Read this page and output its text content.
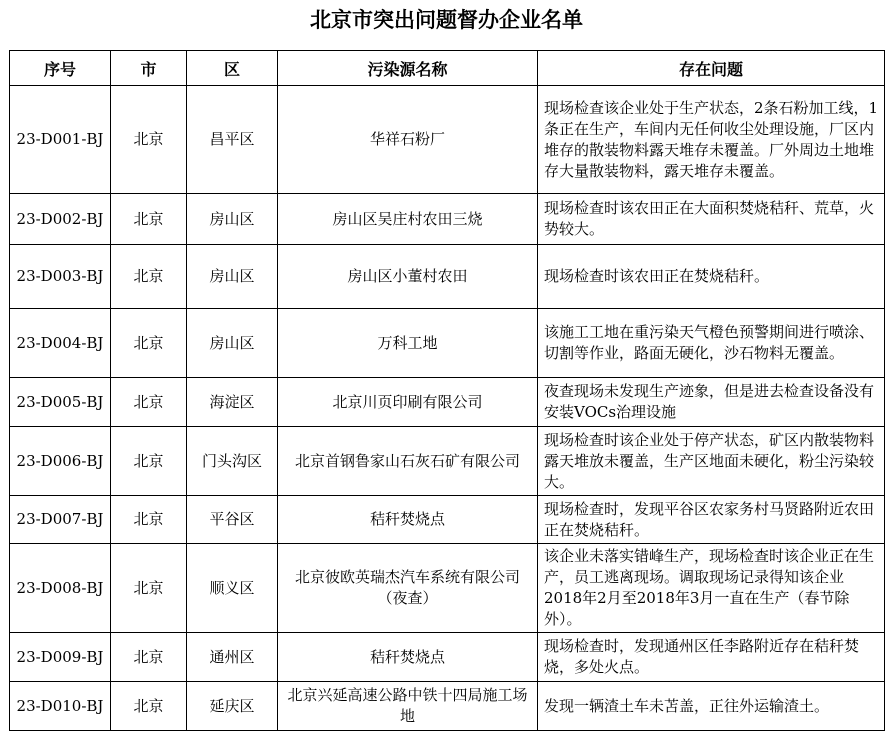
北京市突出问题督办企业名单
序号	市	区	污染源名称	存在问题
23-D001-BJ	北京	昌平区	华祥石粉厂	现场检查该企业处于生产状态，2条石粉加工线，1条正在生产，车间内无任何收尘处理设施，厂区内堆存的散装物料露天堆存未覆盖。厂外周边土地堆存大量散装物料，露天堆存未覆盖。
23-D002-BJ	北京	房山区	房山区吴庄村农田三烧	现场检查时该农田正在大面积焚烧秸秆、荒草，火势较大。
23-D003-BJ	北京	房山区	房山区小董村农田	现场检查时该农田正在焚烧秸秆。
23-D004-BJ	北京	房山区	万科工地	该施工工地在重污染天气橙色预警期间进行喷涂、切割等作业，路面无硬化，沙石物料无覆盖。
23-D005-BJ	北京	海淀区	北京川页印刷有限公司	夜查现场未发现生产迹象，但是进去检查设备没有安装VOCs治理设施
23-D006-BJ	北京	门头沟区	北京首钢鲁家山石灰石矿有限公司	现场检查时该企业处于停产状态，矿区内散装物料露天堆放未覆盖，生产区地面未硬化，粉尘污染较大。
23-D007-BJ	北京	平谷区	秸秆焚烧点	现场检查时，发现平谷区农家务村马贤路附近农田正在焚烧秸秆。
23-D008-BJ	北京	顺义区	北京彼欧英瑞杰汽车系统有限公司（夜查）	该企业未落实错峰生产，现场检查时该企业正在生产，员工逃离现场。调取现场记录得知该企业2018年2月至2018年3月一直在生产（春节除外）。
23-D009-BJ	北京	通州区	秸秆焚烧点	现场检查时，发现通州区任李路附近存在秸秆焚烧，多处火点。
23-D010-BJ	北京	延庆区	北京兴延高速公路中铁十四局施工场地	发现一辆渣土车未苫盖，正往外运输渣土。
